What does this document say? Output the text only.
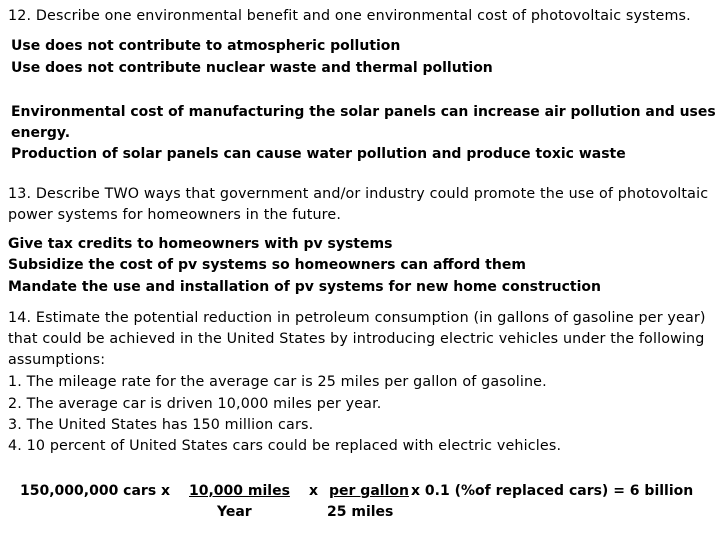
12. Describe one environmental benefit and one environmental cost of photovoltaic systems.
Use does not contribute to atmospheric pollution
Use does not contribute nuclear waste and thermal pollution
Environmental cost of manufacturing the solar panels can increase air pollution and uses
energy.
Production of solar panels can cause water pollution and produce toxic waste
13. Describe TWO ways that government and/or industry could promote the use of photovoltaic
power systems for homeowners in the future.
Give tax credits to homeowners with pv systems
Subsidize the cost of pv systems so homeowners can afford them
Mandate the use and installation of pv systems for new home construction
14. Estimate the potential reduction in petroleum consumption (in gallons of gasoline per year)
that could be achieved in the United States by introducing electric vehicles under the following
assumptions:
1. The mileage rate for the average car is 25 miles per gallon of gasoline.
2. The average car is driven 10,000 miles per year.
3. The United States has 150 million cars.
4. 10 percent of United States cars could be replaced with electric vehicles.
150,000,000 cars x 10,000 miles
Year
x per gallon
25 miles
x 0.1 (%of replaced cars) = 6 billion
